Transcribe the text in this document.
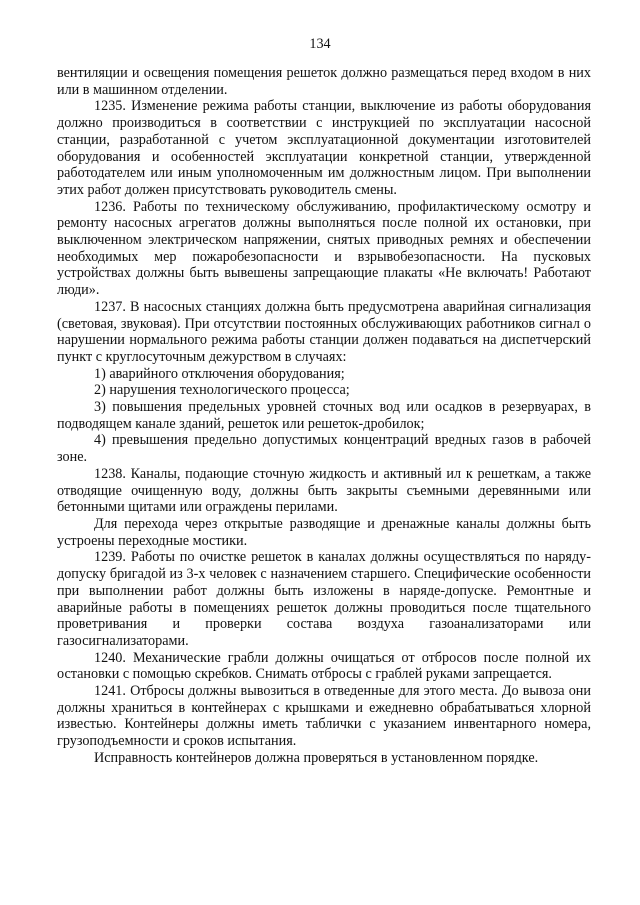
134

вентиляции и освещения помещения решеток должно размещаться перед входом в них или в машинном отделении.

1235. Изменение режима работы станции, выключение из работы оборудования должно производиться в соответствии с инструкцией по эксплуатации насосной станции, разработанной с учетом эксплуатационной документации изготовителей оборудования и особенностей эксплуатации конкретной станции, утвержденной работодателем или иным уполномоченным им должностным лицом. При выполнении этих работ должен присутствовать руководитель смены.

1236. Работы по техническому обслуживанию, профилактическому осмотру и ремонту насосных агрегатов должны выполняться после полной их остановки, при выключенном электрическом напряжении, снятых приводных ремнях и обеспечении необходимых мер пожаробезопасности и взрывобезопасности. На пусковых устройствах должны быть вывешены запрещающие плакаты «Не включать! Работают люди».

1237. В насосных станциях должна быть предусмотрена аварийная сигнализация (световая, звуковая). При отсутствии постоянных обслуживающих работников сигнал о нарушении нормального режима работы станции должен подаваться на диспетчерский пункт с круглосуточным дежурством в случаях:

1) аварийного отключения оборудования;

2) нарушения технологического процесса;

3) повышения предельных уровней сточных вод или осадков в резервуарах, в подводящем канале зданий, решеток или решеток-дробилок;

4) превышения предельно допустимых концентраций вредных газов в рабочей зоне.

1238. Каналы, подающие сточную жидкость и активный ил к решеткам, а также отводящие очищенную воду, должны быть закрыты съемными деревянными или бетонными щитами или ограждены перилами.

Для перехода через открытые разводящие и дренажные каналы должны быть устроены переходные мостики.

1239. Работы по очистке решеток в каналах должны осуществляться по наряду-допуску бригадой из 3-х человек с назначением старшего. Специфические особенности при выполнении работ должны быть изложены в наряде-допуске. Ремонтные и аварийные работы в помещениях решеток должны проводиться после тщательного проветривания и проверки состава воздуха газоанализаторами или газосигнализаторами.

1240. Механические грабли должны очищаться от отбросов после полной их остановки с помощью скребков. Снимать отбросы с граблей руками запрещается.

1241. Отбросы должны вывозиться в отведенные для этого места. До вывоза они должны храниться в контейнерах с крышками и ежедневно обрабатываться хлорной известью. Контейнеры должны иметь таблички с указанием инвентарного номера, грузоподъемности и сроков испытания.

Исправность контейнеров должна проверяться в установленном порядке.
